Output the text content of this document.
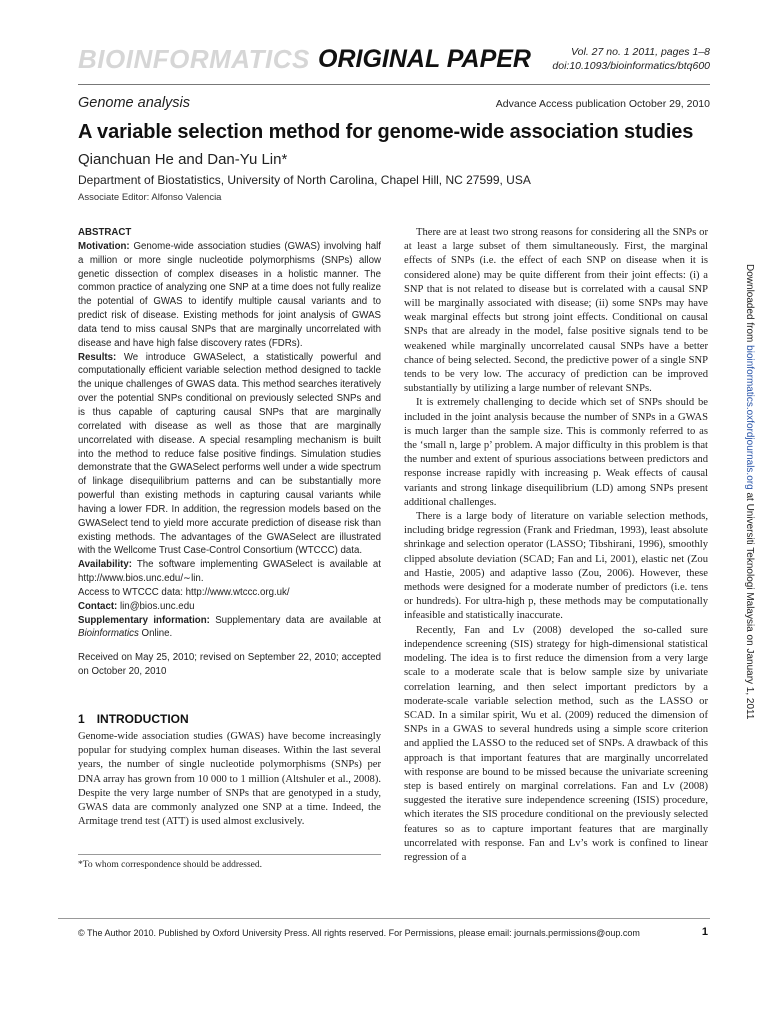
BIOINFORMATICS ORIGINAL PAPER	Vol. 27 no. 1 2011, pages 1–8
doi:10.1093/bioinformatics/btq600
Genome analysis	Advance Access publication October 29, 2010
A variable selection method for genome-wide association studies
Qianchuan He and Dan-Yu Lin*
Department of Biostatistics, University of North Carolina, Chapel Hill, NC 27599, USA
Associate Editor: Alfonso Valencia

ABSTRACT

Motivation: Genome-wide association studies (GWAS) involving half a million or more single nucleotide polymorphisms (SNPs) allow genetic dissection of complex diseases in a holistic manner. The common practice of analyzing one SNP at a time does not fully realize the potential of GWAS to identify multiple causal variants and to predict risk of disease. Existing methods for joint analysis of GWAS data tend to miss causal SNPs that are marginally uncorrelated with disease and have high false discovery rates (FDRs).

Results: We introduce GWASelect, a statistically powerful and computationally efficient variable selection method designed to tackle the unique challenges of GWAS data. This method searches iteratively over the potential SNPs conditional on previously selected SNPs and is thus capable of capturing causal SNPs that are marginally correlated with disease as well as those that are marginally uncorrelated with disease. A special resampling mechanism is built into the method to reduce false positive findings. Simulation studies demonstrate that the GWASelect performs well under a wide spectrum of linkage disequilibrium patterns and can be substantially more powerful than existing methods in capturing causal variants while having a lower FDR. In addition, the regression models based on the GWASelect tend to yield more accurate prediction of disease risk than existing methods. The advantages of the GWASelect are illustrated with the Wellcome Trust Case-Control Consortium (WTCCC) data.

Availability: The software implementing GWASelect is available at http://www.bios.unc.edu/∼lin.

Access to WTCCC data: http://www.wtccc.org.uk/

Contact: lin@bios.unc.edu

Supplementary information: Supplementary data are available at Bioinformatics Online.

Received on May 25, 2010; revised on September 22, 2010; accepted on October 20, 2010

1 INTRODUCTION

Genome-wide association studies (GWAS) have become increasingly popular for studying complex human diseases. Within the last several years, the number of single nucleotide polymorphisms (SNPs) per DNA array has grown from 10 000 to 1 million (Altshuler et al., 2008). Despite the very large number of SNPs that are genotyped in a study, GWAS data are commonly analyzed one SNP at a time. Indeed, the Armitage trend test (ATT) is used almost exclusively.

*To whom correspondence should be addressed.

There are at least two strong reasons for considering all the SNPs or at least a large subset of them simultaneously. First, the marginal effects of SNPs (i.e. the effect of each SNP on disease when it is considered alone) may be quite different from their joint effects: (i) a SNP that is not related to disease but is correlated with a causal SNP will be marginally associated with disease; (ii) some SNPs may have weak marginal effects but strong joint effects. Conditional on causal SNPs that are already in the model, false positive signals tend to be weakened while marginally uncorrelated causal SNPs have a better chance of being selected. Second, the predictive power of a single SNP tends to be very low. The accuracy of prediction can be improved substantially by utilizing a large number of relevant SNPs.

It is extremely challenging to decide which set of SNPs should be included in the joint analysis because the number of SNPs in a GWAS is much larger than the sample size. This is commonly referred to as the ‘small n, large p’ problem. A major difficulty in this problem is that the number and extent of spurious associations between predictors and response increase rapidly with increasing p. Weak effects of causal variants and strong linkage disequilibrium (LD) among SNPs present additional challenges.

There is a large body of literature on variable selection methods, including bridge regression (Frank and Friedman, 1993), least absolute shrinkage and selection operator (LASSO; Tibshirani, 1996), smoothly clipped absolute deviation (SCAD; Fan and Li, 2001), elastic net (Zou and Hastie, 2005) and adaptive lasso (Zou, 2006). However, these methods were designed for a moderate number of predictors (i.e. tens or hundreds). For ultra-high p, these methods may be computationally infeasible and statistically inaccurate.

Recently, Fan and Lv (2008) developed the so-called sure independence screening (SIS) strategy for high-dimensional statistical modeling. The idea is to first reduce the dimension from a very large scale to a moderate scale that is below sample size by univariate correlation learning, and then select important predictors by a moderate-scale variable selection method, such as the LASSO or SCAD. In a similar spirit, Wu et al. (2009) reduced the dimension of SNPs in a GWAS to several hundreds using a simple score criterion and applied the LASSO to the reduced set of SNPs. A drawback of this approach is that important features that are marginally uncorrelated with response are bound to be missed because the univariate screening step is based entirely on marginal correlations. Fan and Lv (2008) suggested the iterative sure independence screening (ISIS) procedure, which iterates the SIS procedure conditional on the previously selected features so as to capture important features that are marginally uncorrelated with response. Fan and Lv’s work is confined to linear regression of a

© The Author 2010. Published by Oxford University Press. All rights reserved. For Permissions, please email: journals.permissions@oup.com	1
Downloaded from bioinformatics.oxfordjournals.org at Universiti Teknologi Malaysia on January 1, 2011
